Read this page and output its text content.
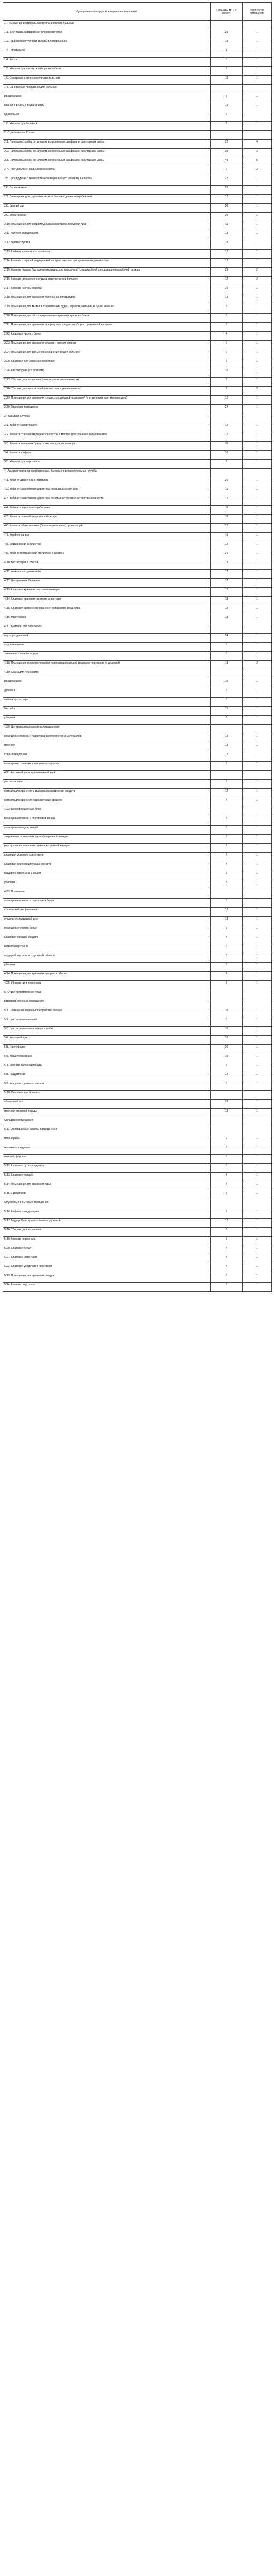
Функциональные группы и перечень помещений	Площадь, м² (не менее)	Количество помещений
1. Помещения вестибюльной группы и приема больных		
1.1. Вестибюль-гардеробная для посетителей	38	1
1.2. Гардеробная уличной одежды для персонала	18	1
1.3. Справочная	4	1
1.4. Касса	6	1
1.5. Уборная для посетителей при вестибюле	3	1
1.6. Смотровая с гинекологическим креслом	18	1
1.7. Санитарный пропускник для больных:		
раздевальная	8	1
ванная с душем с подъемником	14	1
одевальная	8	1
1.8. Уборная для больных	3	1
2. Отделение на 30 коек		
2.1. Палата на 1 койку со шлюзом, встроенными шкафами и санитарным узлом	22	4
2.2. Палата на 2 койки со шлюзом, встроенными шкафами и санитарным узлом	29	2
2.3. Палата на 3 койки со шлюзом, встроенными шкафами и санитарным узлом	40	6
2.4. Пост дежурной медицинской сестры	6	2
2.5. Процедурная с гинекологическим креслом (со шлюзом) и шлюзом	22	1
2.6. Перевязочная	22	1
2.7. Помещение для групповых отдыха больных дневного пребывания	12	1
2.8. Зимний сад	50	1
2.9. Молитвенная	20	1
2.10. Помещение для индивидуального разговора дежурной лицо	10	1
2.11. Кабинет заведующего	12	1
2.12. Ординаторская	18	1
2.13. Кабинет врача-психотерапевта	12	1
2.14. Комната старшей медицинской сестры с местом для хранения медикаментов	12	1
2.15. Комната отдыха (вспадного медицинского персонала) с гардеробной для домашней и рабочей одежды	29	2
2.16. Комната для ночного отдыха родственников больного	12	2
2.17. Комната сестры-хозяйки	10	1
2.18. Помещение для хранения переносной аппаратуры	12	1
2.19. Помещение для мытья и стерилизации суден, горшков, мыльниц и сушки клеенок	8	1
2.20. Помещение для сбора и временного хранения грязного белья	8	1
2.21. Помещение для хранения дезсредств и предметов уборки с раковиной и сливом	6	1
2.22. Кладовая чистого белья	4	1
2.23. Помещение для хранения каталок и кресел-колясок	6	1
2.24. Помещение для временного хранения вещей больного	6	1
2.25. Кладовая для хранения инвентаря	6	1
2.26. Кислородная (со шлюзом)	10	1
2.27. Уборная для персонала (со шлюзом и умывальником)	3	1
2.28. Уборная для посетителей (со шлюзом и умывальником)	3	2
2.29. Помещение для хранения трупа с холодильной установкой (с отдельным наружным входом)	12	1
2.30. Траурная помещение	22	1
3. Выездная служба		
3.1. Кабинет заведующего	12	1
3.2. Комната старшей медицинской сестры с местом для хранения медикаментов	12	1
3.3. Комната выездных бригад с местом для диспетчера	36	1
3.4. Комната шофера	10	1
3.5. Уборная для персонала	3	1
4. Административно-хозяйственные, бытовые и вспомогательные службы		
4.1. Кабинет директора с приемной	26	1
4.2. Кабинет заместителя директора по медицинской части	15	1
4.3. Кабинет заместителя директора по административно-хозяйственной части	12	1
4.4. Кабинет социального работника	10	1
4.5. Комната главной медицинской сестры	10	1
4.6. Комната общественных (благотворительных) организаций	12	1
4.7. Конференц-зал	45	1
4.8. Медицинская библиотека	12	1
4.9. Кабинет медицинской статистики с архивом	24	1
4.10. Бухгалтерия с кассой	18	1
4.11. Комната сестры-хозяйки	12	1
4.12. Центральная бельевая	12	1
4.13. Кладовая хранения мягкого инвентаря	12	1
4.14. Кладовая хранения жесткого инвентаря	18	1
4.15. Кладовая временного хранения списанного имущества	12	1
4.16. Мастерская	18	1
4.17. Бытовое для персонала:		
гарт с раздевалкой	24	1
под помещение	8	1
точечная столовой посуды	8	1
4.18. Помещения психологической и психоэмоциональной разгрузки персонала (с душевой)	18	2
4.19. Сауна для персонала:		
раздевальная	10	1
душевая	8	1
кабина сухого пара	6	1
бассейн	15	1
уборная	3	1
4.20. Централизованная стерилизационная:		
помещение приема и подготовки инструментов и материалов	12	1
моечная	12	1
стерилизационная	12	1
помещение хранения и выдачи материалов	8	1
4.21. Аптечный распределительный пункт:		
распаковочная	8	1
комната для хранения и выдачи лекарственных средств	12	1
комната для хранения наркотических средств	4	1
4.22. Дезинфекционный блок:		
помещение приема и сортировки вещей	8	1
помещение выдачи вещей	8	1
загрузочное помещение дезинфекционной камеры	8	1
разгрузочное помещение дезинфекционной камеры	8	1
кладовая упаковочных средств	4	1
кладовая дезинфицирующих средств	4	1
гардероб персонала с душем	8	1
уборная	3	1
4.23. Прачечная:		
помещение приема и сортировки белья	8	1
стиральный цех (моечная)	18	1
сушильно-гладильный цех	18	1
помещение чистого белья	8	1
кладовая моющих средств	4	1
комната персонала	8	1
гардероб персонала с душевой кабиной	8	1
уборная	3	1
4.24. Помещения для хранения предметов уборки	4	1
4.25. Уборная для персонала	3	1
5. Отдел приготовления пищи		
Производственные помещения:		
5.1. Помещение первичной обработки овощей	10	1
5.2. Цех заготовок овощей	8	1
5.3. Цех заготовок мяса, птицы и рыбы	10	1
5.4. Холодный цех	10	1
5.5. Горячий цех	30	1
5.6. Кондитерский цех	10	1
5.7. Моечная кухонной посуды	8	1
5.8. Раздаточная	12	1
5.9. Кладовая суточного запаса	6	1
5.10. Столовая для больных:		
обеденный зал	28	1
моечная столовой посуды	12	1
Складские помещения:		
5.11. Охлаждаемые камеры для хранения:		
мяса и рыбы	6	1
молочных продуктов	6	1
овощей, фруктов	6	1
5.12. Кладовая сухих продуктов	8	1
5.13. Кладовая овощей	8	1
5.14. Помещение для хранения тары	4	1
5.15. Загрузочная	8	1
Служебные и бытовые помещения:		
5.16. Кабинет заведующего	8	1
5.17. Гардеробная для персонала с душевой	12	1
5.18. Уборная для персонала	3	1
5.19. Комната персонала	8	1
5.20. Кладовая белья	4	1
5.21. Кладовая инвентаря	4	1
5.22. Кладовая уборочного инвентаря	4	1
5.23. Помещение для хранения отходов	6	1
5.24. Комната персонала	8	1
